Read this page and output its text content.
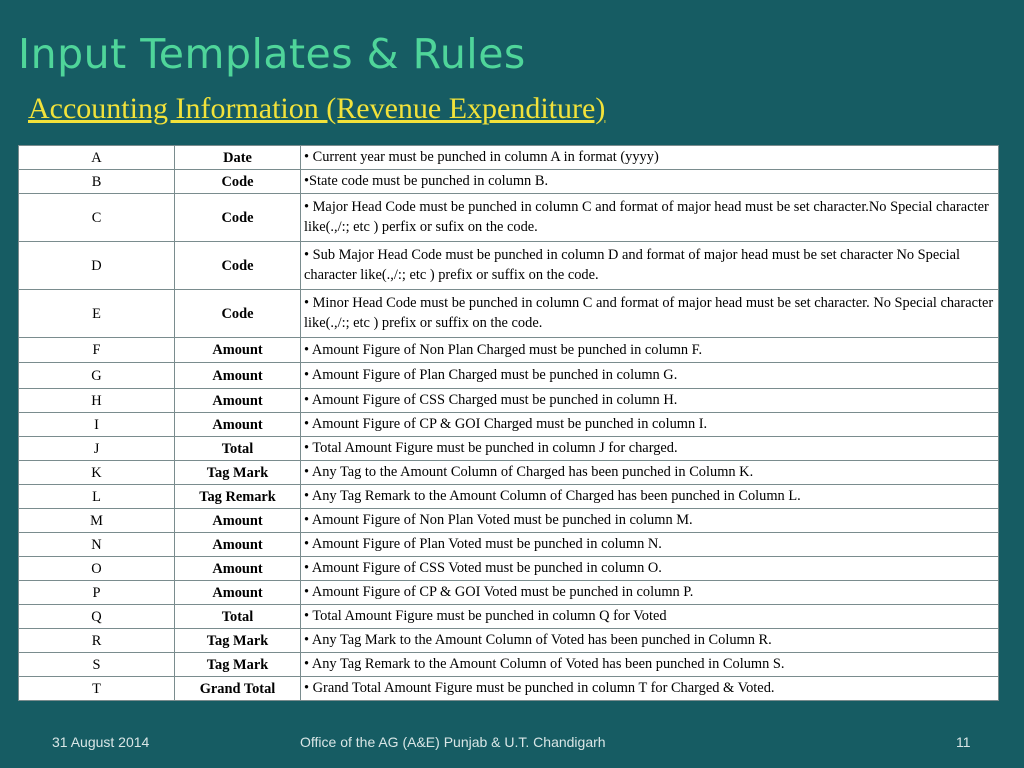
Input Templates & Rules
Accounting Information (Revenue Expenditure)
A	Date	• Current year must be punched in column A in format (yyyy)
B	Code	•State code must be punched in column B.
C	Code	• Major Head Code must be punched in column C and format of major head must be set character.No Special character like(.,/:; etc ) perfix or sufix on the code.
D	Code	• Sub Major Head Code must be punched in column D and format of major head must be set character No Special character like(.,/:; etc ) prefix or suffix on the code.
E	Code	• Minor Head Code must be punched in column C and format of major head must be set character. No Special character like(.,/:; etc ) prefix or suffix on the code.
F	Amount	• Amount Figure of Non Plan Charged must be punched in column F.
G	Amount	• Amount Figure of Plan Charged must be punched in column G.
H	Amount	• Amount Figure of CSS Charged must be punched in column H.
I	Amount	• Amount Figure of CP & GOI Charged must be punched in column I.
J	Total	• Total Amount Figure must be punched in column J for charged.
K	Tag Mark	• Any Tag to the Amount Column of Charged has been punched in Column K.
L	Tag Remark	• Any Tag Remark to the Amount Column of Charged has been punched in Column L.
M	Amount	• Amount Figure of Non Plan Voted must be punched in column M.
N	Amount	• Amount Figure of Plan Voted must be punched in column N.
O	Amount	• Amount Figure of CSS Voted must be punched in column O.
P	Amount	• Amount Figure of CP & GOI Voted must be punched in column P.
Q	Total	• Total Amount Figure must be punched in column Q for Voted
R	Tag Mark	• Any Tag Mark to the Amount Column of Voted has been punched in Column R.
S	Tag Mark	• Any Tag Remark to the Amount Column of Voted has been punched in Column S.
T	Grand Total	• Grand Total Amount Figure must be punched in column T for Charged & Voted.
31 August 2014	Office of the AG (A&E) Punjab & U.T. Chandigarh	11
